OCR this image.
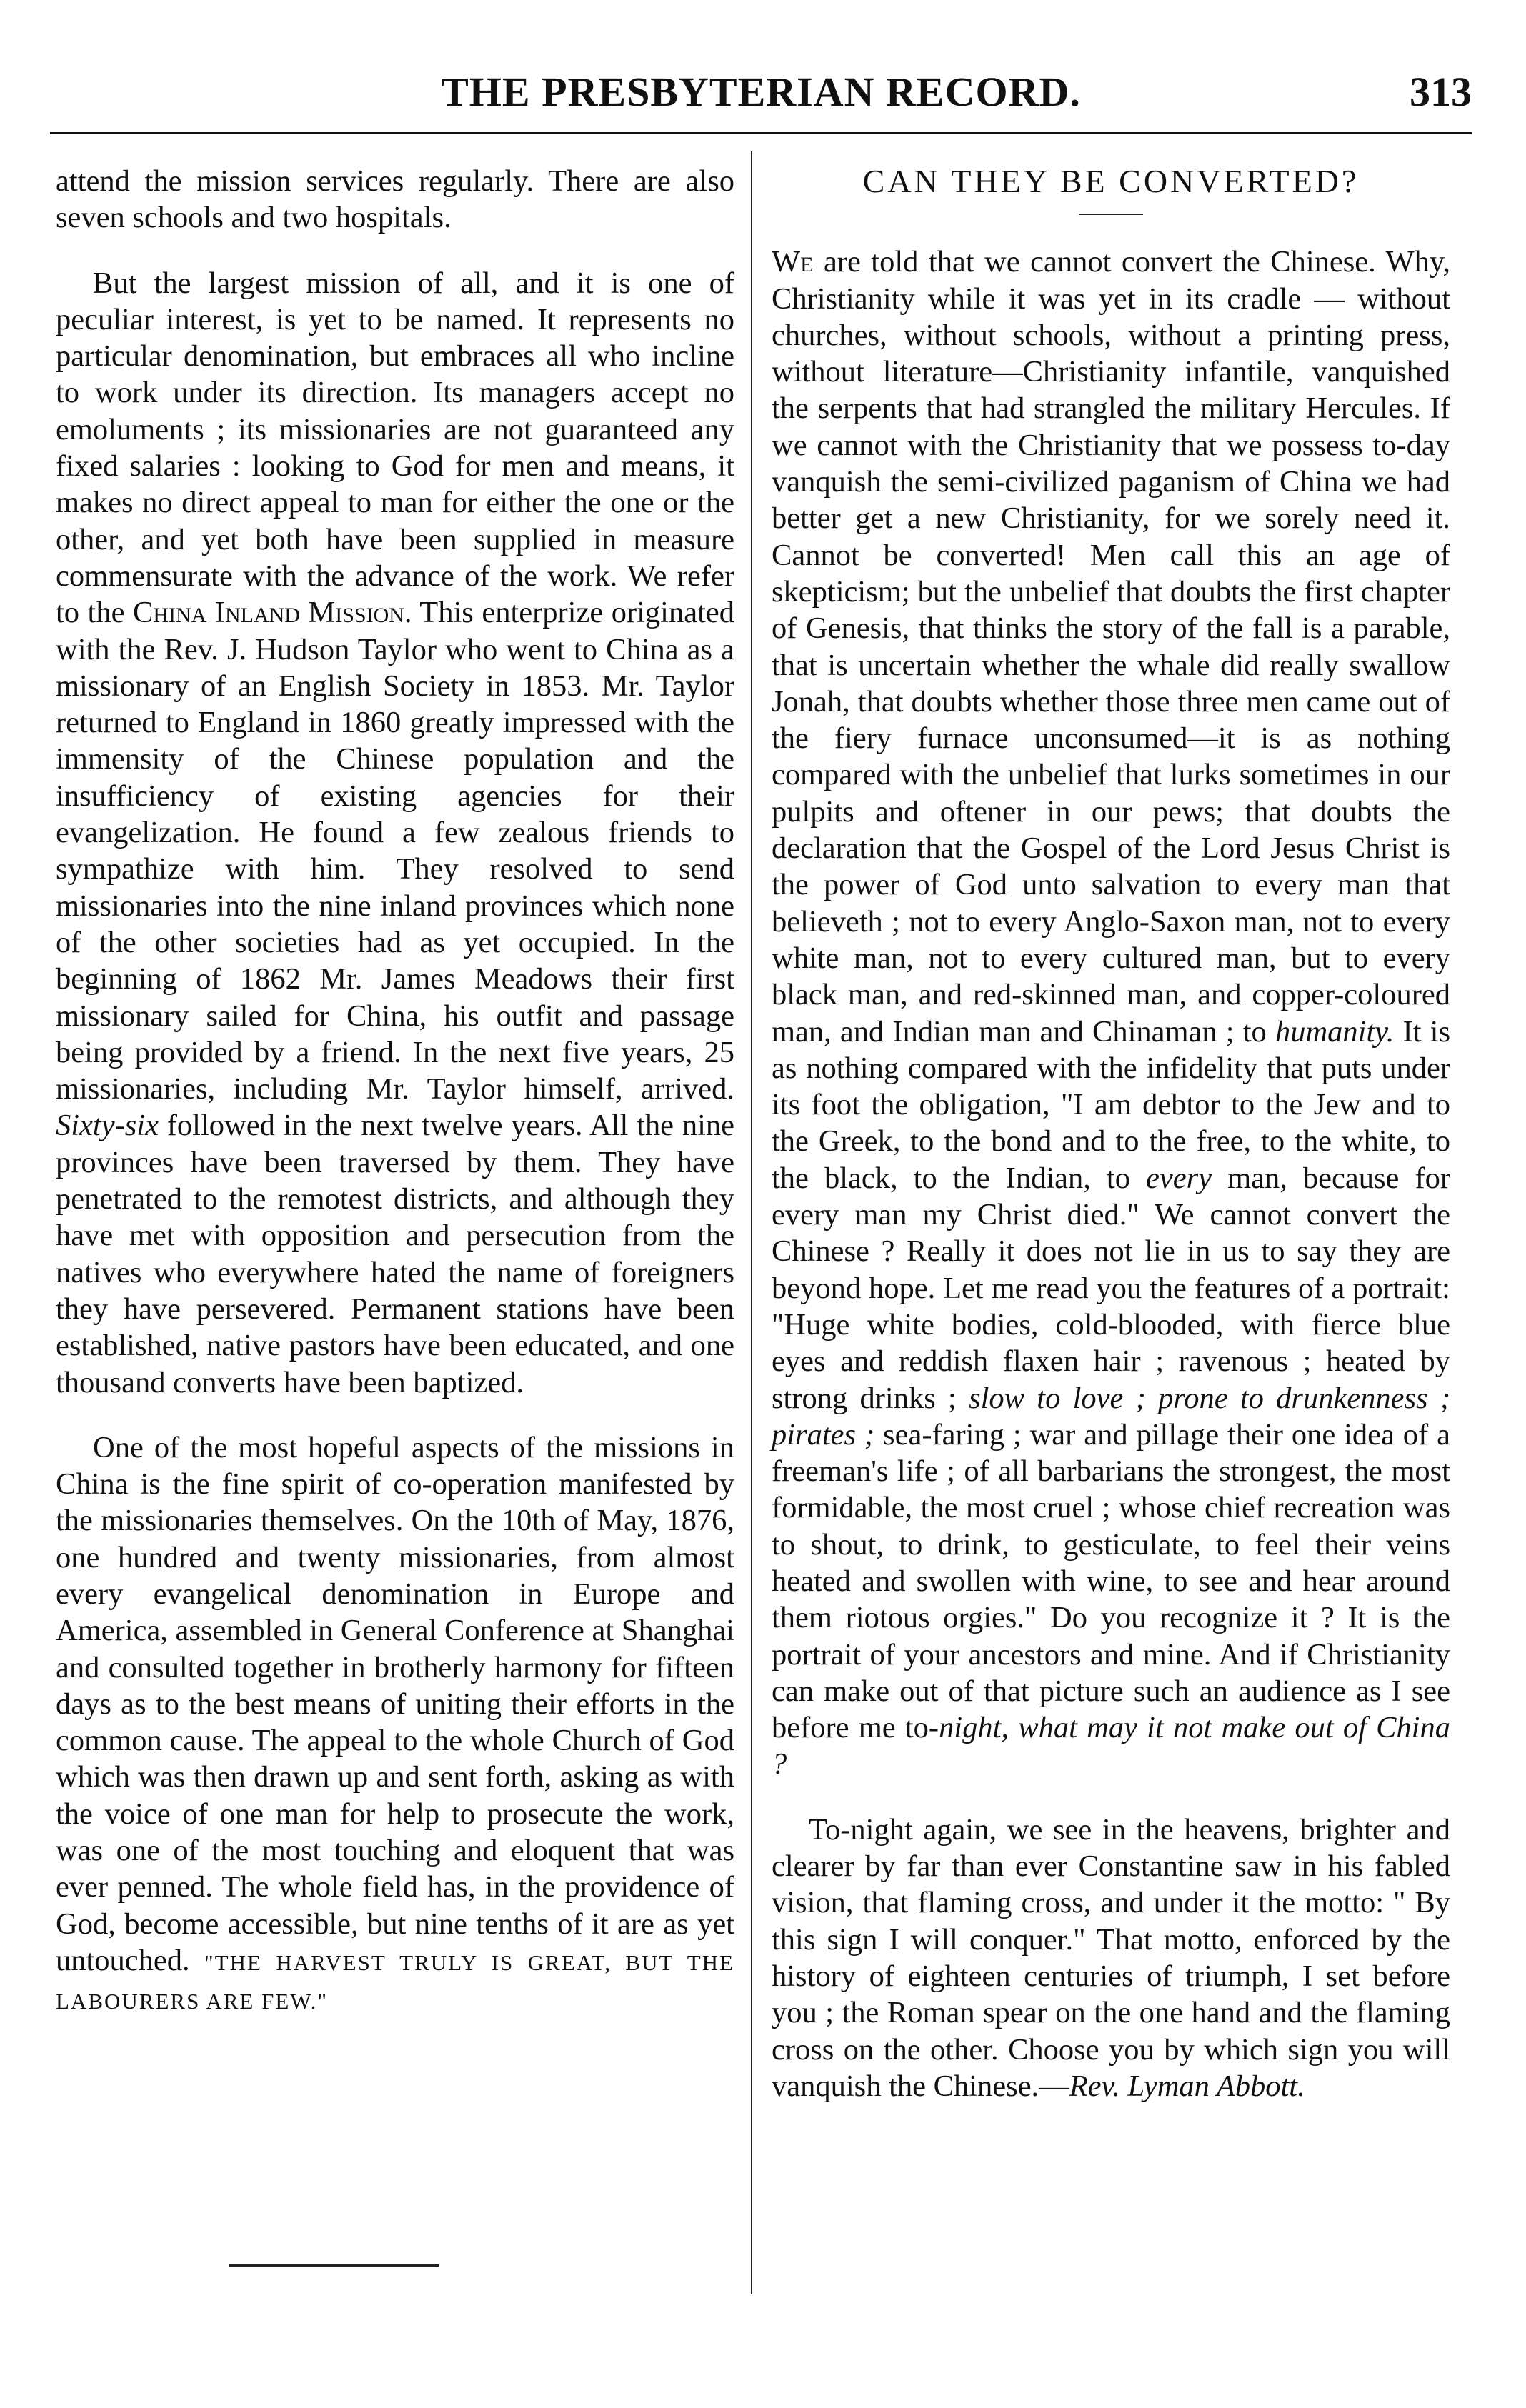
THE PRESBYTERIAN RECORD.	313

attend the mission services regularly. There are also seven schools and two hospitals.

But the largest mission of all, and it is one of peculiar interest, is yet to be named. It represents no particular denomination, but embraces all who incline to work under its direction. Its managers accept no emoluments ; its missionaries are not guaranteed any fixed salaries : looking to God for men and means, it makes no direct appeal to man for either the one or the other, and yet both have been supplied in measure commensurate with the advance of the work. We refer to the China Inland Mission. This enterprize originated with the Rev. J. Hudson Taylor who went to China as a missionary of an English Society in 1853. Mr. Taylor returned to England in 1860 greatly impressed with the immensity of the Chinese population and the insufficiency of existing agencies for their evangelization. He found a few zealous friends to sympathize with him. They resolved to send missionaries into the nine inland provinces which none of the other societies had as yet occupied. In the beginning of 1862 Mr. James Meadows their first missionary sailed for China, his outfit and passage being provided by a friend. In the next five years, 25 missionaries, including Mr. Taylor himself, arrived. Sixty-six followed in the next twelve years. All the nine provinces have been traversed by them. They have penetrated to the remotest districts, and although they have met with opposition and persecution from the natives who everywhere hated the name of foreigners they have persevered. Permanent stations have been established, native pastors have been educated, and one thousand converts have been baptized.

One of the most hopeful aspects of the missions in China is the fine spirit of co-operation manifested by the missionaries themselves. On the 10th of May, 1876, one hundred and twenty missionaries, from almost every evangelical denomination in Europe and America, assembled in General Conference at Shanghai and consulted together in brotherly harmony for fifteen days as to the best means of uniting their efforts in the common cause. The appeal to the whole Church of God which was then drawn up and sent forth, asking as with the voice of one man for help to prosecute the work, was one of the most touching and eloquent that was ever penned. The whole field has, in the providence of God, become accessible, but nine tenths of it are as yet untouched. "THE HARVEST TRULY IS GREAT, BUT THE LABOURERS ARE FEW."

CAN THEY BE CONVERTED?

We are told that we cannot convert the Chinese. Why, Christianity while it was yet in its cradle — without churches, without schools, without a printing press, without literature—Christianity infantile, vanquished the serpents that had strangled the military Hercules. If we cannot with the Christianity that we possess to-day vanquish the semi-civilized paganism of China we had better get a new Christianity, for we sorely need it. Cannot be converted! Men call this an age of skepticism; but the unbelief that doubts the first chapter of Genesis, that thinks the story of the fall is a parable, that is uncertain whether the whale did really swallow Jonah, that doubts whether those three men came out of the fiery furnace unconsumed—it is as nothing compared with the unbelief that lurks sometimes in our pulpits and oftener in our pews; that doubts the declaration that the Gospel of the Lord Jesus Christ is the power of God unto salvation to every man that believeth ; not to every Anglo-Saxon man, not to every white man, not to every cultured man, but to every black man, and red-skinned man, and copper-coloured man, and Indian man and Chinaman ; to humanity. It is as nothing compared with the infidelity that puts under its foot the obligation, "I am debtor to the Jew and to the Greek, to the bond and to the free, to the white, to the black, to the Indian, to every man, because for every man my Christ died." We cannot convert the Chinese ? Really it does not lie in us to say they are beyond hope. Let me read you the features of a portrait: "Huge white bodies, cold-blooded, with fierce blue eyes and reddish flaxen hair ; ravenous ; heated by strong drinks ; slow to love ; prone to drunkenness ; pirates ; sea-faring ; war and pillage their one idea of a freeman's life ; of all barbarians the strongest, the most formidable, the most cruel ; whose chief recreation was to shout, to drink, to gesticulate, to feel their veins heated and swollen with wine, to see and hear around them riotous orgies." Do you recognize it ? It is the portrait of your ancestors and mine. And if Christianity can make out of that picture such an audience as I see before me to-night, what may it not make out of China ?

To-night again, we see in the heavens, brighter and clearer by far than ever Constantine saw in his fabled vision, that flaming cross, and under it the motto: " By this sign I will conquer." That motto, enforced by the history of eighteen centuries of triumph, I set before you ; the Roman spear on the one hand and the flaming cross on the other. Choose you by which sign you will vanquish the Chinese.—Rev. Lyman Abbott.
